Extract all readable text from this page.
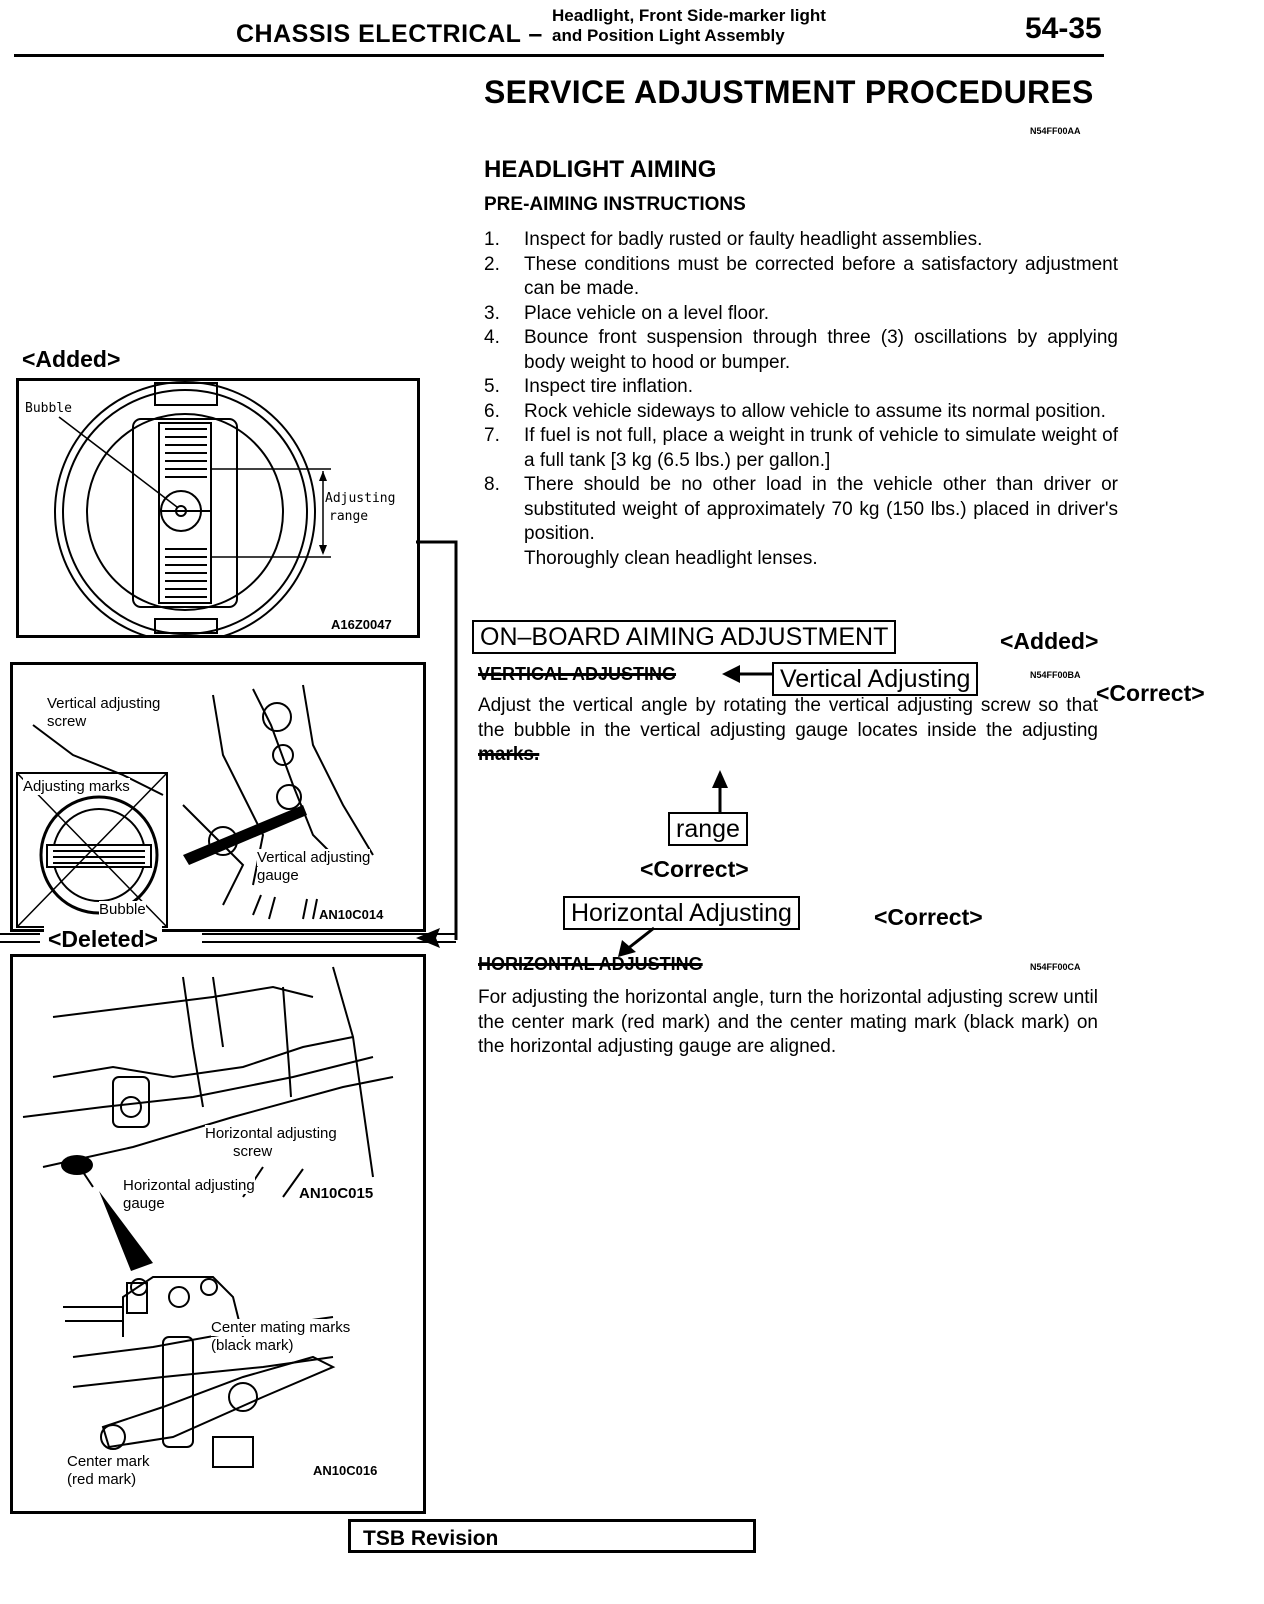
CHASSIS ELECTRICAL –
Headlight, Front Side-marker light
and Position Light Assembly	54-35
SERVICE ADJUSTMENT PROCEDURES
N54FF00AA
HEADLIGHT AIMING
PRE-AIMING INSTRUCTIONS
1.	Inspect for badly rusted or faulty headlight assemblies.
2.	These conditions must be corrected before a satisfactory adjustment can be made.
3.	Place vehicle on a level floor.
4.	Bounce front suspension through three (3) oscillations by applying body weight to hood or bumper.
5.	Inspect tire inflation.
6.	Rock vehicle sideways to allow vehicle to assume its normal position.
7.	If fuel is not full, place a weight in trunk of vehicle to simulate weight of a full tank [3 kg (6.5 lbs.) per gallon.]
8.	There should be no other load in the vehicle other than driver or substituted weight of approximately 70 kg (150 lbs.) placed in driver's position.
Thoroughly clean headlight lenses.
ON–BOARD AIMING ADJUSTMENT	<Added>
VERTICAL ADJUSTING	Vertical Adjusting	N54FF00BA
<Correct>
Adjust the vertical angle by rotating the vertical adjusting screw so that the bubble in the vertical adjusting gauge locates inside the adjusting marks.
range
<Correct>
Horizontal Adjusting	<Correct>
HORIZONTAL ADJUSTING	N54FF00CA
For adjusting the horizontal angle, turn the horizontal adjusting screw until the center mark (red mark) and the center mating mark (black mark) on the horizontal adjusting gauge are aligned.
<Added>
Bubble
Adjusting
range
A16Z0047
Vertical adjusting
screw
Adjusting marks
Vertical adjusting
gauge
Bubble	AN10C014
<Deleted>
Horizontal adjusting
screw
Horizontal adjusting
gauge
AN10C015
Center mating marks
(black mark)
Center mark
(red mark)
AN10C016
TSB Revision
